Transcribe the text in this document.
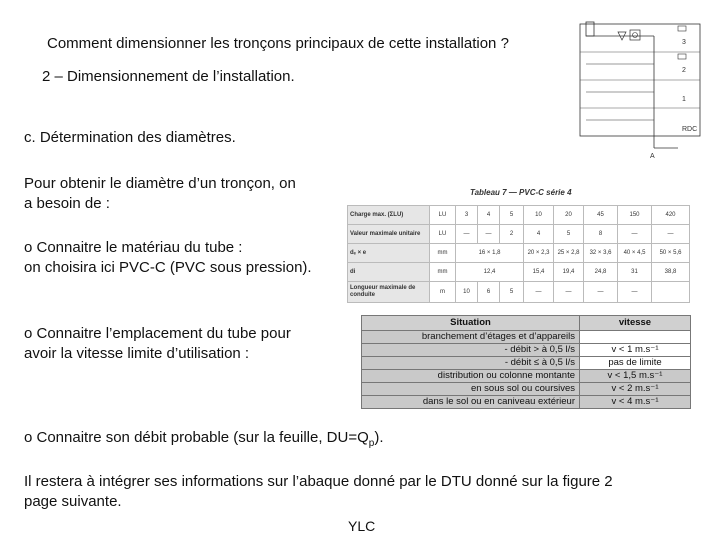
Comment dimensionner les tronçons principaux de cette installation ?
2 – Dimensionnement de l’installation.
3
2
1
RDC
A
c. Détermination des diamètres.
Pour obtenir le diamètre d’un tronçon, on
a besoin de :
o Connaitre le matériau du tube :
on choisira ici PVC-C (PVC sous pression).
o Connaitre l’emplacement du tube pour
avoir la vitesse limite d’utilisation :
o Connaitre son débit probable (sur la feuille, $DU=Q_p$).
Il restera à intégrer ses informations sur l’abaque donné par le DTU donné sur la figure 2
page suivante.
YLC
Tableau 7 — PVC-C série 4
Charge max. (ΣLU)	LU	3	4	5	10	20	45	150	420
Valeur maximale unitaire	LU	—	—	2	4	5	8	—	—
dₑ × e	mm	16 × 1,8			20 × 2,3	25 × 2,8	32 × 3,6	40 × 4,5	50 × 5,6
di	mm	12,4			15,4	19,4	24,8	31	38,8
Longueur maximale de conduite	m	10	6	5	—	—	—	—	
Situation	vitesse
branchement d’étages et d’appareils	
- débit > à 0,5 l/s	v < 1 m.s⁻¹
- débit ≤ à 0,5 l/s	pas de limite
distribution ou colonne montante	v < 1,5 m.s⁻¹
en sous sol ou coursives	v < 2 m.s⁻¹
dans le sol ou en caniveau extérieur	v < 4 m.s⁻¹
